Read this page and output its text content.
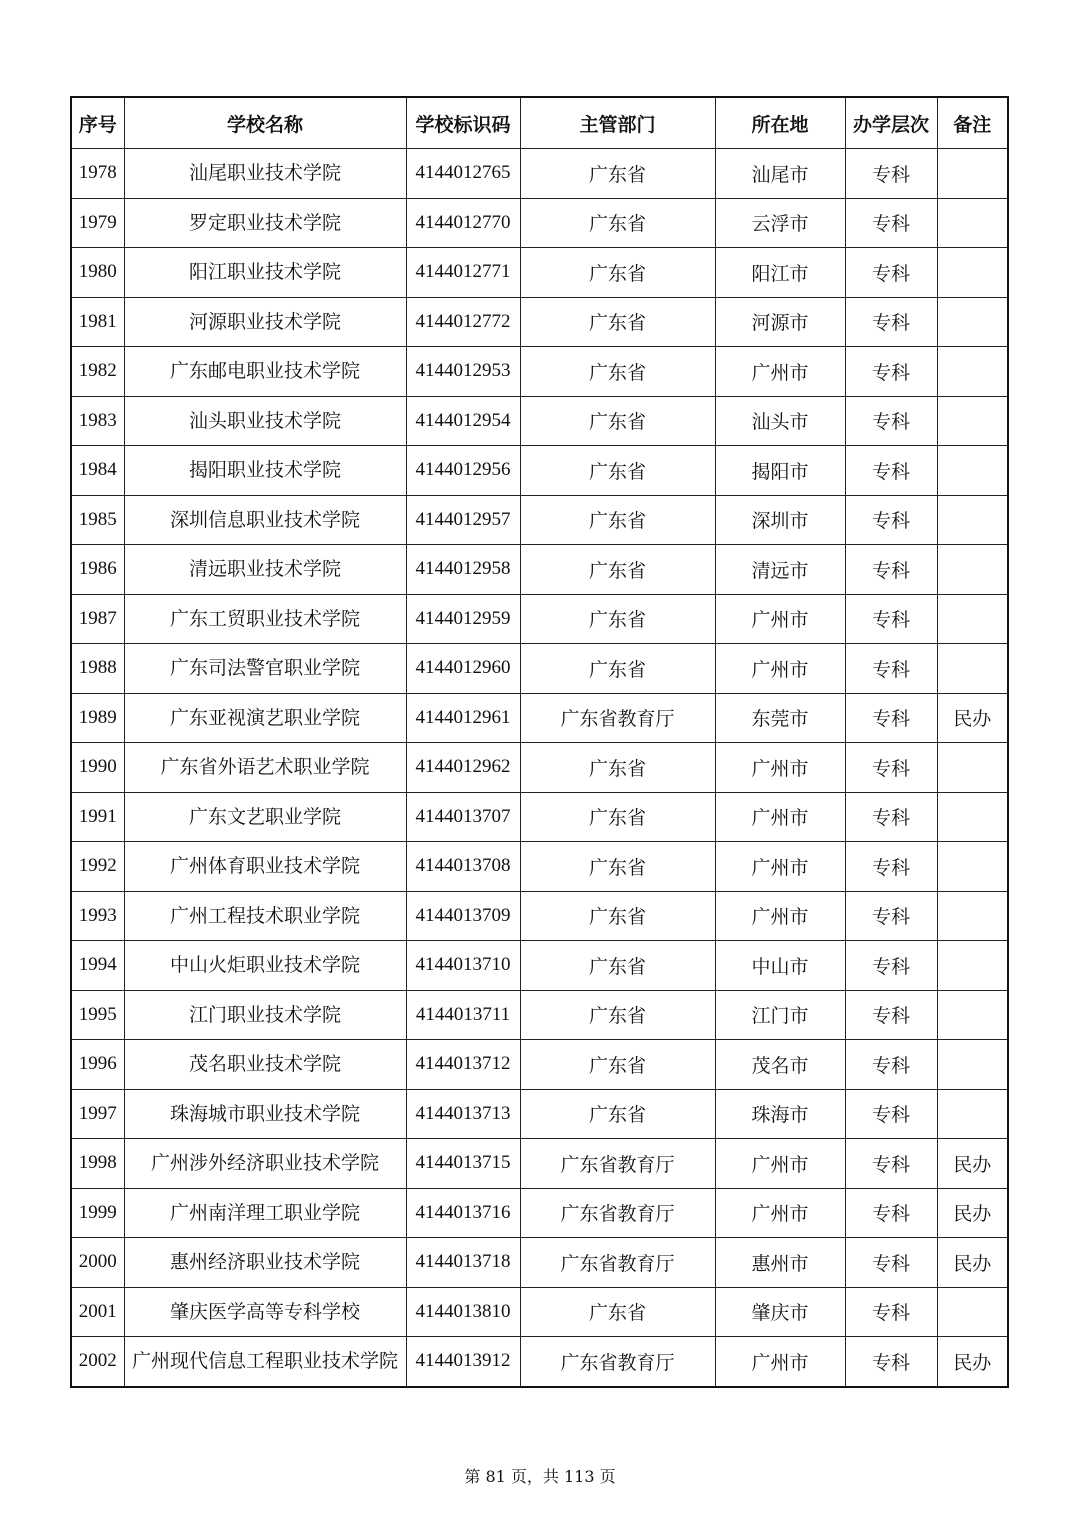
序号	学校名称	学校标识码	主管部门	所在地	办学层次	备注
1978	汕尾职业技术学院	4144012765	广东省	汕尾市	专科	
1979	罗定职业技术学院	4144012770	广东省	云浮市	专科	
1980	阳江职业技术学院	4144012771	广东省	阳江市	专科	
1981	河源职业技术学院	4144012772	广东省	河源市	专科	
1982	广东邮电职业技术学院	4144012953	广东省	广州市	专科	
1983	汕头职业技术学院	4144012954	广东省	汕头市	专科	
1984	揭阳职业技术学院	4144012956	广东省	揭阳市	专科	
1985	深圳信息职业技术学院	4144012957	广东省	深圳市	专科	
1986	清远职业技术学院	4144012958	广东省	清远市	专科	
1987	广东工贸职业技术学院	4144012959	广东省	广州市	专科	
1988	广东司法警官职业学院	4144012960	广东省	广州市	专科	
1989	广东亚视演艺职业学院	4144012961	广东省教育厅	东莞市	专科	民办
1990	广东省外语艺术职业学院	4144012962	广东省	广州市	专科	
1991	广东文艺职业学院	4144013707	广东省	广州市	专科	
1992	广州体育职业技术学院	4144013708	广东省	广州市	专科	
1993	广州工程技术职业学院	4144013709	广东省	广州市	专科	
1994	中山火炬职业技术学院	4144013710	广东省	中山市	专科	
1995	江门职业技术学院	4144013711	广东省	江门市	专科	
1996	茂名职业技术学院	4144013712	广东省	茂名市	专科	
1997	珠海城市职业技术学院	4144013713	广东省	珠海市	专科	
1998	广州涉外经济职业技术学院	4144013715	广东省教育厅	广州市	专科	民办
1999	广州南洋理工职业学院	4144013716	广东省教育厅	广州市	专科	民办
2000	惠州经济职业技术学院	4144013718	广东省教育厅	惠州市	专科	民办
2001	肇庆医学高等专科学校	4144013810	广东省	肇庆市	专科	
2002	广州现代信息工程职业技术学院	4144013912	广东省教育厅	广州市	专科	民办
第 81 页，共 113 页
